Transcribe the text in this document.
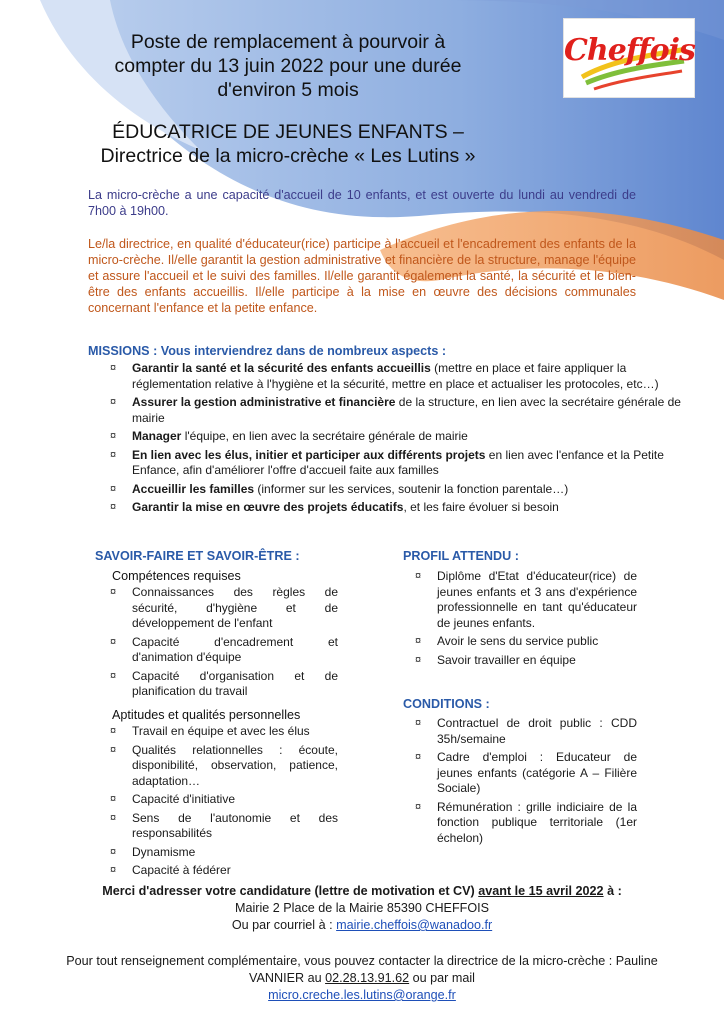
Cheffois
Poste de remplacement à pourvoir à
compter du 13 juin 2022 pour une durée
d'environ 5 mois
ÉDUCATRICE DE JEUNES ENFANTS –
Directrice de la micro-crèche « Les Lutins »
La micro-crèche a une capacité d'accueil de 10 enfants, et est ouverte du lundi au vendredi de 7h00 à 19h00.
Le/la directrice, en qualité d'éducateur(rice) participe à l'accueil et l'encadrement des enfants de la micro-crèche. Il/elle garantit la gestion administrative et financière de la structure, manage l'équipe et assure l'accueil et le suivi des familles. Il/elle garantit également la santé, la sécurité et le bien-être des enfants accueillis. Il/elle participe à la mise en œuvre des décisions communales concernant l'enfance et la petite enfance.
MISSIONS : Vous interviendrez dans de nombreux aspects :
¤ Garantir la santé et la sécurité des enfants accueillis (mettre en place et faire appliquer la réglementation relative à l'hygiène et la sécurité, mettre en place et actualiser les protocoles, etc…)
¤ Assurer la gestion administrative et financière de la structure, en lien avec la secrétaire générale de mairie
¤ Manager l'équipe, en lien avec la secrétaire générale de mairie
¤ En lien avec les élus, initier et participer aux différents projets en lien avec l'enfance et la Petite Enfance, afin d'améliorer l'offre d'accueil faite aux familles
¤ Accueillir les familles (informer sur les services, soutenir la fonction parentale…)
¤ Garantir la mise en œuvre des projets éducatifs, et les faire évoluer si besoin
SAVOIR-FAIRE ET SAVOIR-ÊTRE :
Compétences requises
¤ Connaissances des règles de sécurité, d'hygiène et de développement de l'enfant
¤ Capacité d'encadrement et d'animation d'équipe
¤ Capacité d'organisation et de planification du travail
Aptitudes et qualités personnelles
¤ Travail en équipe et avec les élus
¤ Qualités relationnelles : écoute, disponibilité, observation, patience, adaptation…
¤ Capacité d'initiative
¤ Sens de l'autonomie et des responsabilités
¤ Dynamisme
¤ Capacité à fédérer
PROFIL ATTENDU :
¤ Diplôme d'Etat d'éducateur(rice) de jeunes enfants et 3 ans d'expérience professionnelle en tant qu'éducateur de jeunes enfants.
¤ Avoir le sens du service public
¤ Savoir travailler en équipe
CONDITIONS :
¤ Contractuel de droit public : CDD 35h/semaine
¤ Cadre d'emploi : Educateur de jeunes enfants (catégorie A – Filière Sociale)
¤ Rémunération : grille indiciaire de la fonction publique territoriale (1er échelon)
Merci d'adresser votre candidature (lettre de motivation et CV) avant le 15 avril 2022 à :
Mairie 2 Place de la Mairie 85390 CHEFFOIS
Ou par courriel à : mairie.cheffois@wanadoo.fr
Pour tout renseignement complémentaire, vous pouvez contacter la directrice de la micro-crèche : Pauline VANNIER au 02.28.13.91.62 ou par mail
micro.creche.les.lutins@orange.fr
